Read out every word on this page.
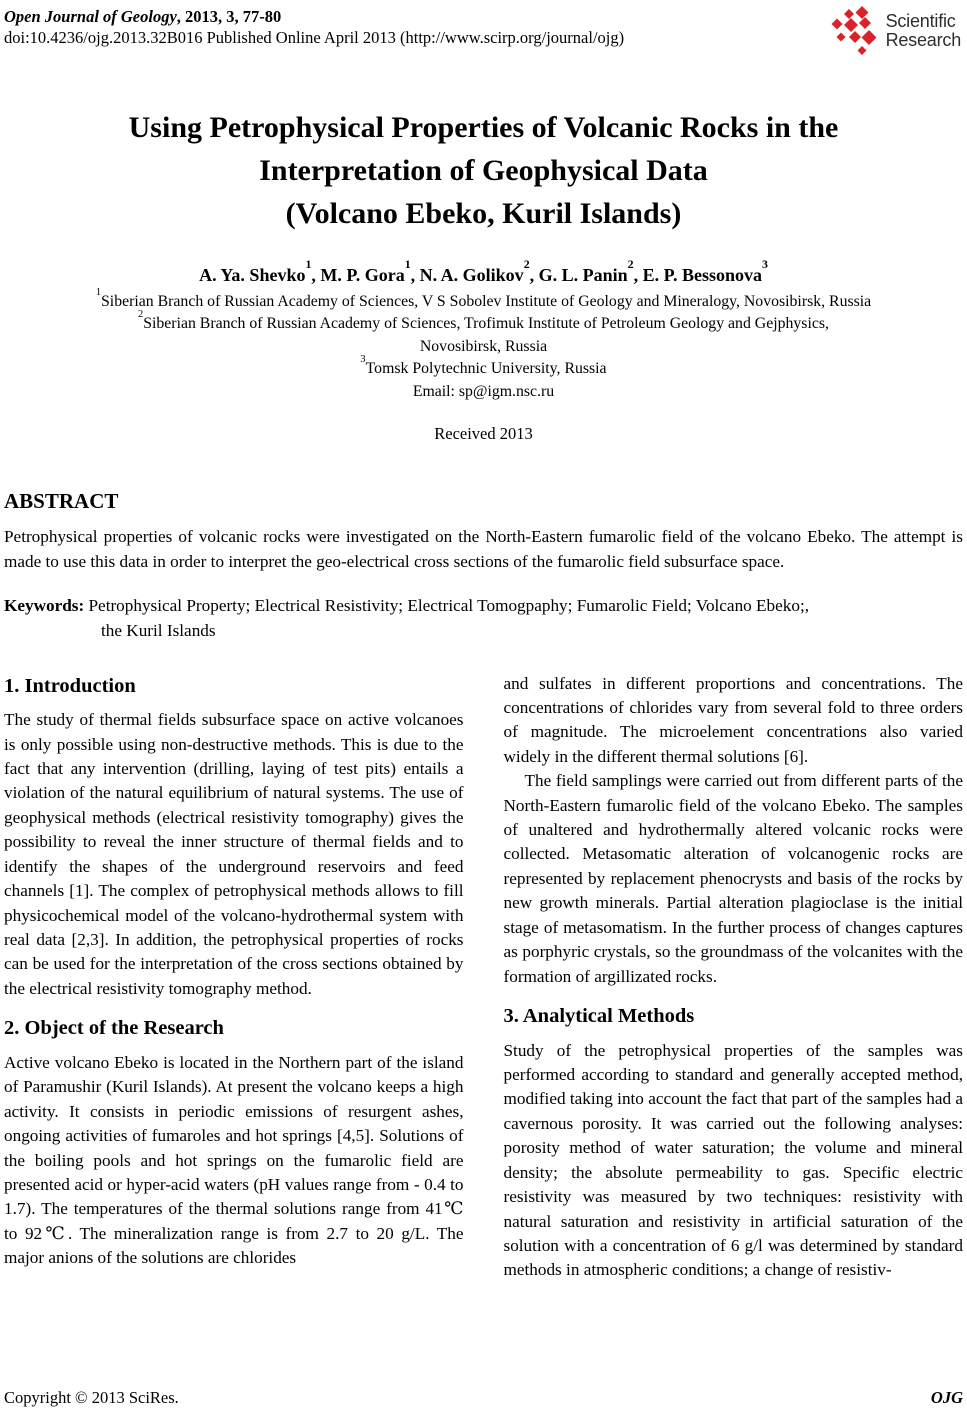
Open Journal of Geology, 2013, 3, 77-80
doi:10.4236/ojg.2013.32B016 Published Online April 2013 (http://www.scirp.org/journal/ojg)
Scientific
Research
Using Petrophysical Properties of Volcanic Rocks in the
Interpretation of Geophysical Data
(Volcano Ebeko, Kuril Islands)
A. Ya. Shevko$^1$, M. P. Gora$^1$, N. A. Golikov$^2$, G. L. Panin$^2$, E. P. Bessonova$^3$
$^1$Siberian Branch of Russian Academy of Sciences, V S Sobolev Institute of Geology and Mineralogy, Novosibirsk, Russia
$^2$Siberian Branch of Russian Academy of Sciences, Trofimuk Institute of Petroleum Geology and Gejphysics,
Novosibirsk, Russia
$^3$Tomsk Polytechnic University, Russia
Email: sp@igm.nsc.ru
Received 2013
ABSTRACT

Petrophysical properties of volcanic rocks were investigated on the North-Eastern fumarolic field of the volcano Ebeko. The attempt is made to use this data in order to interpret the geo-electrical cross sections of the fumarolic field subsurface space.

Keywords: Petrophysical Property; Electrical Resistivity; Electrical Tomogpaphy; Fumarolic Field; Volcano Ebeko;,
the Kuril Islands

1. Introduction

The study of thermal fields subsurface space on active volcanoes is only possible using non-destructive methods. This is due to the fact that any intervention (drilling, laying of test pits) entails a violation of the natural equilibrium of natural systems. The use of geophysical methods (electrical resistivity tomography) gives the possibility to reveal the inner structure of thermal fields and to identify the shapes of the underground reservoirs and feed channels [1]. The complex of petrophysical methods allows to fill physicochemical model of the volcano-hydrothermal system with real data [2,3]. In addition, the petrophysical properties of rocks can be used for the interpretation of the cross sections obtained by the electrical resistivity tomography method.

2. Object of the Research

Active volcano Ebeko is located in the Northern part of the island of Paramushir (Kuril Islands). At present the volcano keeps a high activity. It consists in periodic emissions of resurgent ashes, ongoing activities of fumaroles and hot springs [4,5]. Solutions of the boiling pools and hot springs on the fumarolic field are presented acid or hyper-acid waters (pH values range from - 0.4 to 1.7). The temperatures of the thermal solutions range from 41℃ to 92℃. The mineralization range is from 2.7 to 20 g/L. The major anions of the solutions are chlorides

and sulfates in different proportions and concentrations. The concentrations of chlorides vary from several fold to three orders of magnitude. The microelement concentrations also varied widely in the different thermal solutions [6].

The field samplings were carried out from different parts of the North-Eastern fumarolic field of the volcano Ebeko. The samples of unaltered and hydrothermally altered volcanic rocks were collected. Metasomatic alteration of volcanogenic rocks are represented by replacement phenocrysts and basis of the rocks by new growth minerals. Partial alteration plagioclase is the initial stage of metasomatism. In the further process of changes captures as porphyric crystals, so the groundmass of the volcanites with the formation of argillizated rocks.

3. Analytical Methods

Study of the petrophysical properties of the samples was performed according to standard and generally accepted method, modified taking into account the fact that part of the samples had a cavernous porosity. It was carried out the following analyses: porosity method of water saturation; the volume and mineral density; the absolute permeability to gas. Specific electric resistivity was measured by two techniques: resistivity with natural saturation and resistivity in artificial saturation of the solution with a concentration of 6 g/l was determined by standard methods in atmospheric conditions; a change of resistiv-

Copyright © 2013 SciRes.	OJG
